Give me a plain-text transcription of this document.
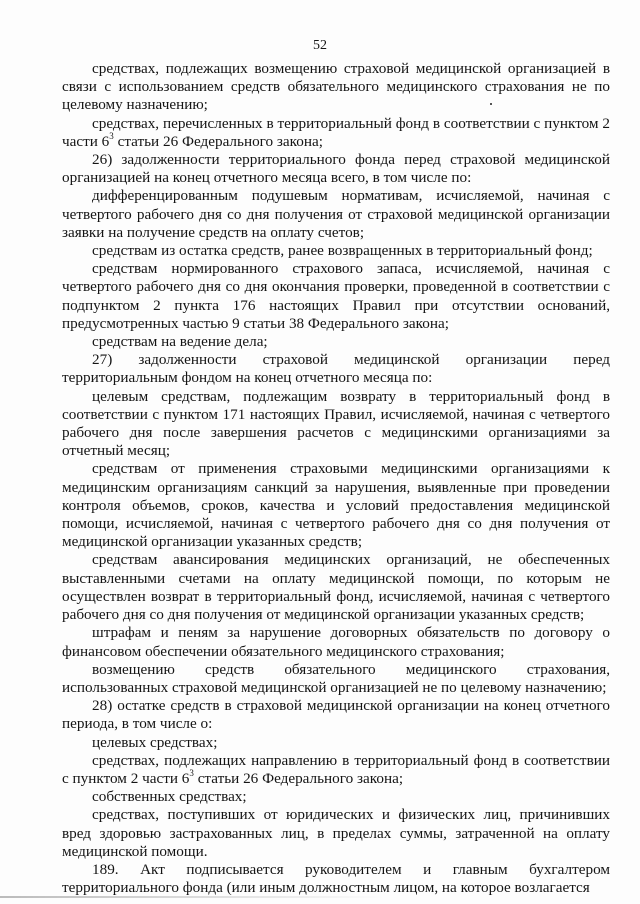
52

средствах, подлежащих возмещению страховой медицинской организацией в связи с использованием средств обязательного медицинского страхования не по целевому назначению;

средствах, перечисленных в территориальный фонд в соответствии с пунктом 2 части $6^3$ статьи 26 Федерального закона;

26) задолженности территориального фонда перед страховой медицинской организацией на конец отчетного месяца всего, в том числе по:

дифференцированным подушевым нормативам, исчисляемой, начиная с четвертого рабочего дня со дня получения от страховой медицинской организации заявки на получение средств на оплату счетов;

средствам из остатка средств, ранее возвращенных в территориальный фонд;

средствам нормированного страхового запаса, исчисляемой, начиная с четвертого рабочего дня со дня окончания проверки, проведенной в соответствии с подпунктом 2 пункта 176 настоящих Правил при отсутствии оснований, предусмотренных частью 9 статьи 38 Федерального закона;

средствам на ведение дела;

27) задолженности страховой медицинской организации перед территориальным фондом на конец отчетного месяца по:

целевым средствам, подлежащим возврату в территориальный фонд в соответствии с пунктом 171 настоящих Правил, исчисляемой, начиная с четвертого рабочего дня после завершения расчетов с медицинскими организациями за отчетный месяц;

средствам от применения страховыми медицинскими организациями к медицинским организациям санкций за нарушения, выявленные при проведении контроля объемов, сроков, качества и условий предоставления медицинской помощи, исчисляемой, начиная с четвертого рабочего дня со дня получения от медицинской организации указанных средств;

средствам авансирования медицинских организаций, не обеспеченных выставленными счетами на оплату медицинской помощи, по которым не осуществлен возврат в территориальный фонд, исчисляемой, начиная с четвертого рабочего дня со дня получения от медицинской организации указанных средств;

штрафам и пеням за нарушение договорных обязательств по договору о финансовом обеспечении обязательного медицинского страхования;

возмещению средств обязательного медицинского страхования, использованных страховой медицинской организацией не по целевому назначению;

28) остатке средств в страховой медицинской организации на конец отчетного периода, в том числе о:

целевых средствах;

средствах, подлежащих направлению в территориальный фонд в соответствии с пунктом 2 части $6^3$ статьи 26 Федерального закона;

собственных средствах;

средствах, поступивших от юридических и физических лиц, причинивших вред здоровью застрахованных лиц, в пределах суммы, затраченной на оплату медицинской помощи.

189. Акт подписывается руководителем и главным бухгалтером территориального фонда (или иным должностным лицом, на которое возлагается
